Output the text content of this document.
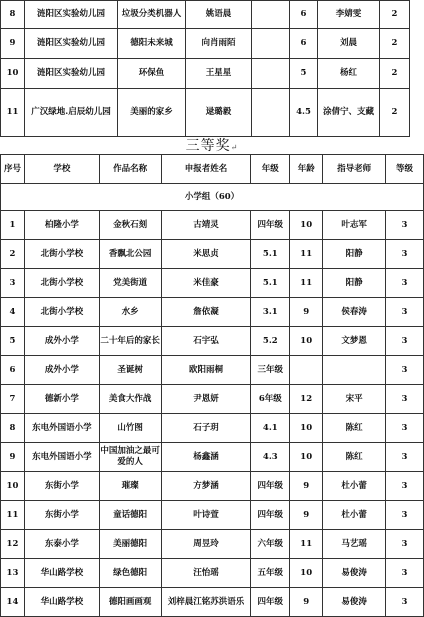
8	涟阳区实验幼儿园	垃圾分类机器人	姚语晨		6	李婧雯	2
9	涟阳区实验幼儿园	德阳未来城	向肖雨陌		6	刘晨	2
10	涟阳区实验幼儿园	环保鱼	王星星		5	杨红	2
11	广汉绿地.启辰幼儿园	美丽的家乡	逯璐毅		4.5	涂倩宁、支藏	2
三等奖↵
序号	学校	作品名称	申报者姓名	年级	年龄	指导老师	等级
小学组（60）							
1	柏隆小学	金秋石刻	古靖灵	四年级	10	叶志军	3
2	北街小学校	香飘北公园	米思贞	5.1	11	阳静	3
3	北街小学校	党美街道	米佳豪	5.1	11	阳静	3
4	北街小学校	水乡	詹依凝	3.1	9	侯春涛	3
5	成外小学	二十年后的家长	石宇弘	5.2	10	文梦恩	3
6	成外小学	圣诞树	欧阳雨桐	三年级			3
7	德新小学	美食大作战	尹恩妍	6年级	12	宋平	3
8	东电外国语小学	山竹图	石子玥	4.1	10	陈红	3
9	东电外国语小学	中国加油之最可爱的人	杨鑫涵	4.3	10	陈红	3
10	东街小学	璀璨	方梦涵	四年级	9	杜小蕾	3
11	东街小学	童话德阳	叶诗萱	四年级	9	杜小蕾	3
12	东泰小学	美丽德阳	周昱玲	六年级	11	马艺瑶	3
13	华山路学校	绿色德阳	汪怡瑶	五年级	10	易俊涛	3
14	华山路学校	德阳画画观	刘梓晨江铭苏洪语乐	四年级	9	易俊涛	3
